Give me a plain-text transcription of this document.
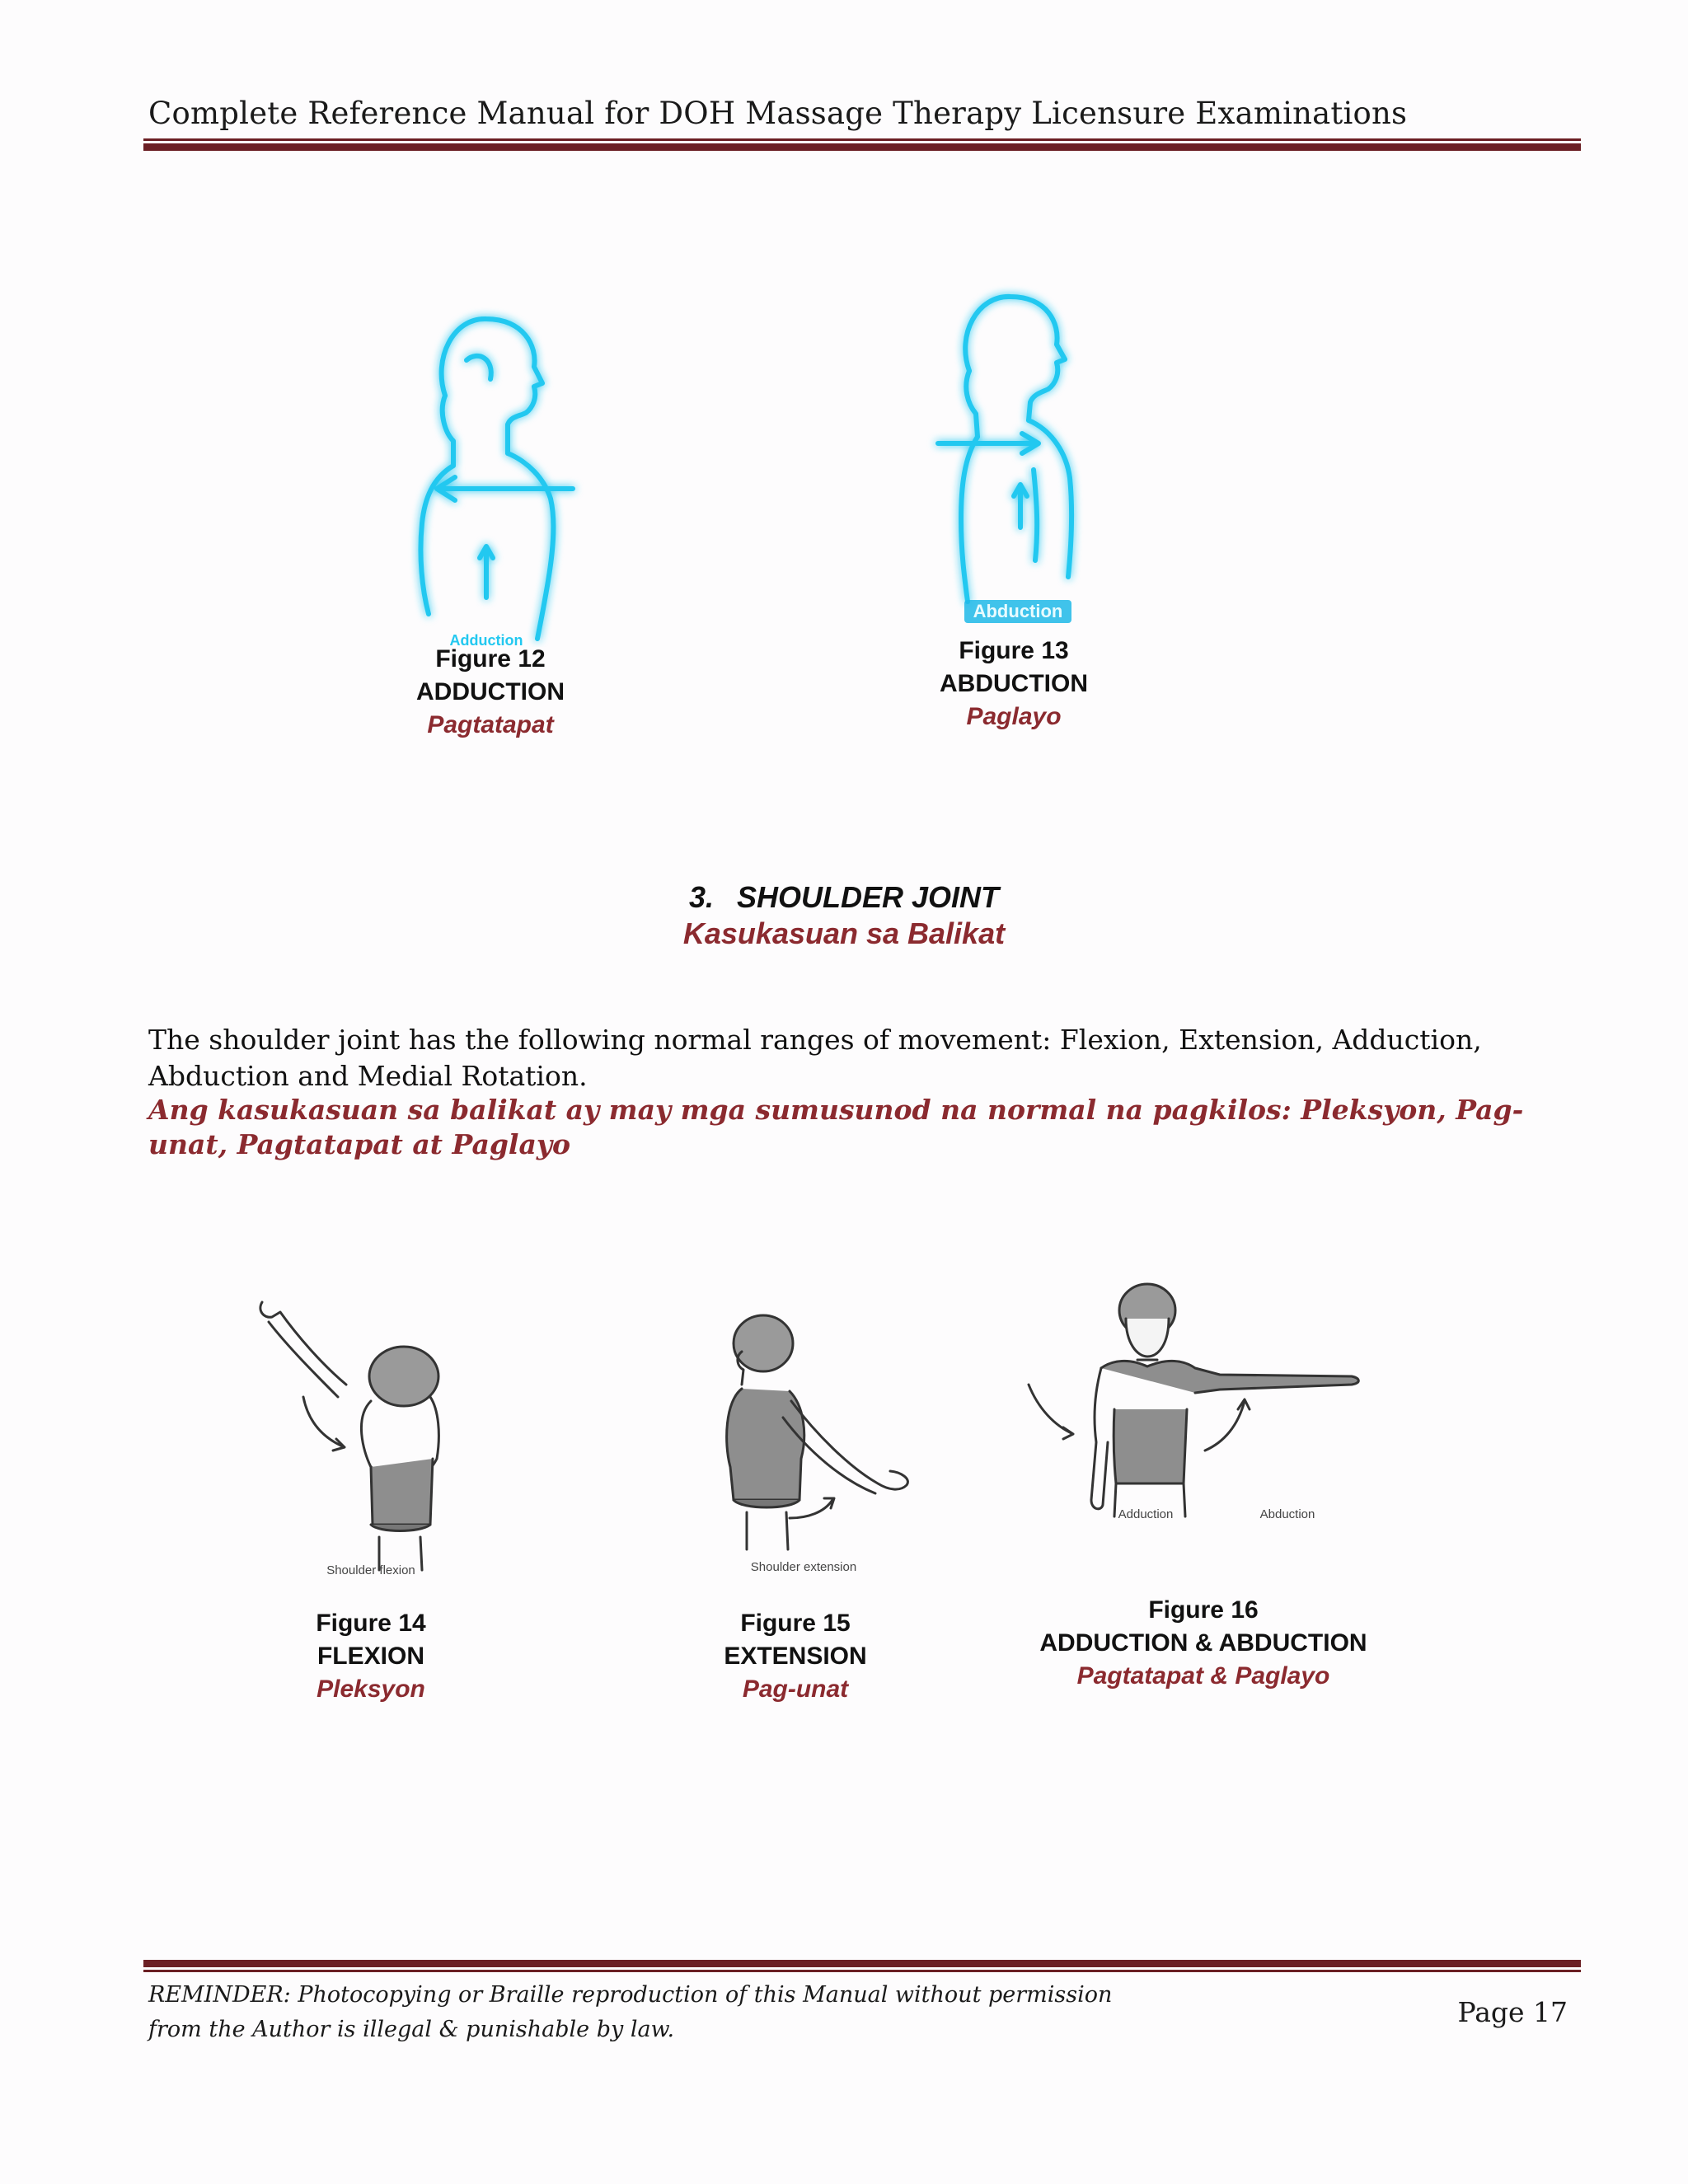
Complete Reference Manual for DOH Massage Therapy Licensure Examinations
Adduction
Abduction
Figure 12
ADDUCTION
Pagtatapat
Figure 13
ABDUCTION
Paglayo
3. SHOULDER JOINT
Kasukasuan sa Balikat
The shoulder joint has the following normal ranges of movement: Flexion, Extension, Adduction, Abduction and Medial Rotation.
Ang kasukasuan sa balikat ay may mga sumusunod na normal na pagkilos: Pleksyon, Pag-unat, Pagtatapat at Paglayo
Shoulder flexion	Shoulder extension
Adduction	Abduction
Figure 14
FLEXION
Pleksyon
Figure 15
EXTENSION
Pag-unat
Figure 16
ADDUCTION & ABDUCTION
Pagtatapat & Paglayo
REMINDER: Photocopying or Braille reproduction of this Manual without permission
from the Author is illegal & punishable by law.
Page 17
